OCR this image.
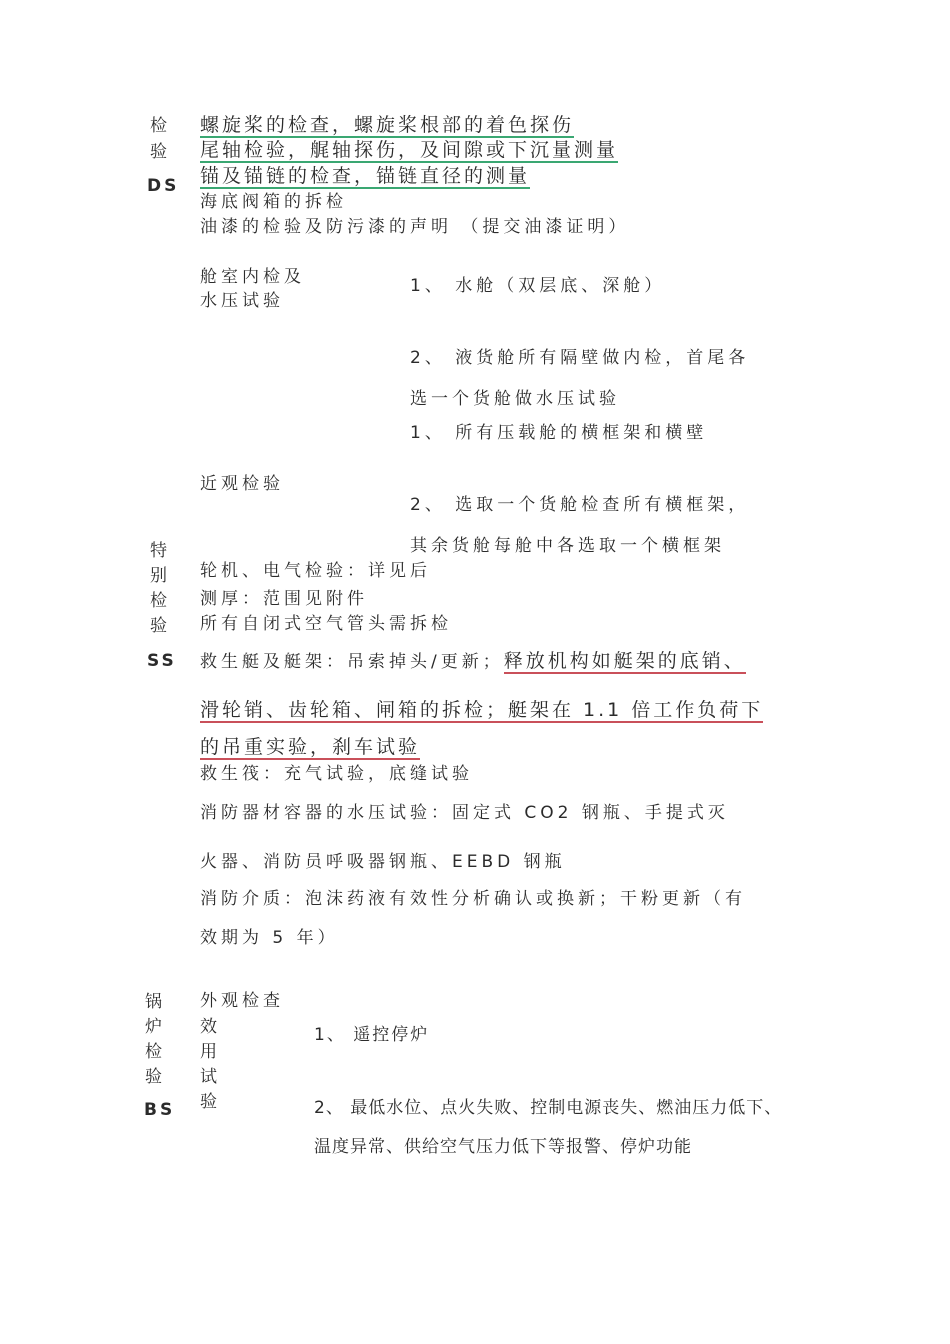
检
验
DS
螺旋桨的检查，螺旋桨根部的着色探伤
尾轴检验，艉轴探伤，及间隙或下沉量测量
锚及锚链的检查，锚链直径的测量
海底阀箱的拆检
油漆的检验及防污漆的声明 （提交油漆证明）
舱室内检及
水压试验
1、 水舱（双层底、深舱）
2、 液货舱所有隔壁做内检，首尾各
选一个货舱做水压试验
1、 所有压载舱的横框架和横壁
近观检验
2、 选取一个货舱检查所有横框架，
其余货舱每舱中各选取一个横框架
特
别
检
验
SS
轮机、电气检验：详见后
测厚：范围见附件
所有自闭式空气管头需拆检
救生艇及艇架：吊索掉头/更新；释放机构如艇架的底销、
滑轮销、齿轮箱、闸箱的拆检；艇架在 1.1 倍工作负荷下
的吊重实验，刹车试验
救生筏：充气试验，底缝试验
消防器材容器的水压试验：固定式 CO2 钢瓶、手提式灭
火器、消防员呼吸器钢瓶、EEBD 钢瓶
消防介质：泡沫药液有效性分析确认或换新；干粉更新（有
效期为 5 年）
锅
炉
检
验
BS
外观检查
效
用
试
验
1、 遥控停炉
2、 最低水位、点火失败、控制电源丧失、燃油压力低下、
温度异常、供给空气压力低下等报警、停炉功能
